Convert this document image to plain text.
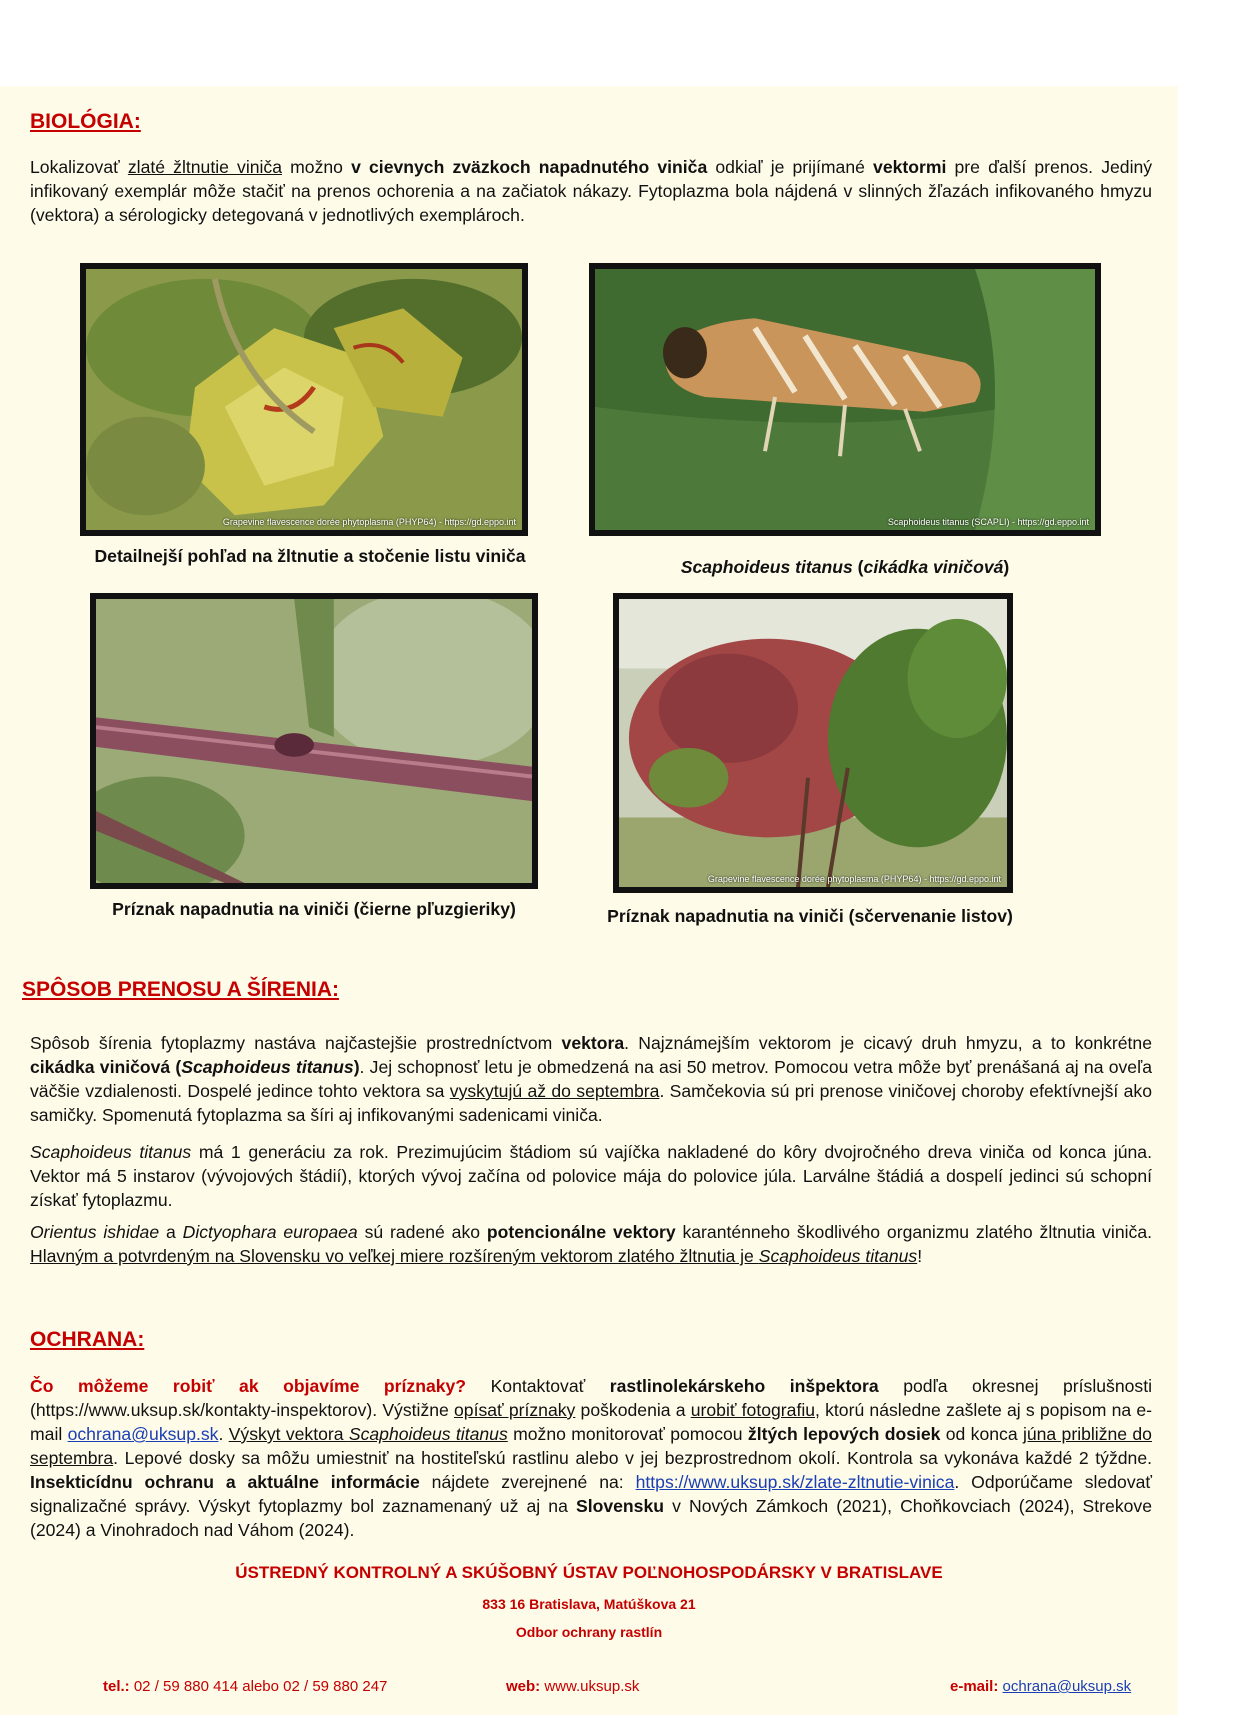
BIOLÓGIA:

Lokalizovať zlaté žltnutie viniča možno v cievnych zväzkoch napadnutého viniča odkiaľ je prijímané vektormi pre ďalší prenos. Jediný infikovaný exemplár môže stačiť na prenos ochorenia a na začiatok nákazy. Fytoplazma bola nájdená v slinných žľazách infikovaného hmyzu (vektora) a sérologicky detegovaná v jednotlivých exemplároch.

Grapevine flavescence dorée phytoplasma (PHYP64) - https://gd.eppo.int

Detailnejší pohľad na žltnutie a stočenie listu viniča

Scaphoideus titanus (SCAPLI) - https://gd.eppo.int

Scaphoideus titanus (cikádka viničová)

Príznak napadnutia na viniči (čierne pľuzgieriky)

Grapevine flavescence dorée phytoplasma (PHYP64) - https://gd.eppo.int

Príznak napadnutia na viniči (sčervenanie listov)

SPÔSOB PRENOSU A ŠÍRENIA:

Spôsob šírenia fytoplazmy nastáva najčastejšie prostredníctvom vektora. Najznámejším vektorom je cicavý druh hmyzu, a to konkrétne cikádka viničová (Scaphoideus titanus). Jej schopnosť letu je obmedzená na asi 50 metrov. Pomocou vetra môže byť prenášaná aj na oveľa väčšie vzdialenosti. Dospelé jedince tohto vektora sa vyskytujú až do septembra. Samčekovia sú pri prenose viničovej choroby efektívnejší ako samičky. Spomenutá fytoplazma sa šíri aj infikovanými sadenicami viniča.

Scaphoideus titanus má 1 generáciu za rok. Prezimujúcim štádiom sú vajíčka nakladené do kôry dvojročného dreva viniča od konca júna. Vektor má 5 instarov (vývojových štádií), ktorých vývoj začína od polovice mája do polovice júla. Larválne štádiá a dospelí jedinci sú schopní získať fytoplazmu.

Orientus ishidae a Dictyophara europaea sú radené ako potencionálne vektory karanténneho škodlivého organizmu zlatého žltnutia viniča. Hlavným a potvrdeným na Slovensku vo veľkej miere rozšíreným vektorom zlatého žltnutia je Scaphoideus titanus!

OCHRANA:

Čo môžeme robiť ak objavíme príznaky? Kontaktovať rastlinolekárskeho inšpektora podľa okresnej príslušnosti (https://www.uksup.sk/kontakty-inspektorov). Výstižne opísať príznaky poškodenia a urobiť fotografiu, ktorú následne zašlete aj s popisom na e-mail ochrana@uksup.sk. Výskyt vektora Scaphoideus titanus možno monitorovať pomocou žltých lepových dosiek od konca júna približne do septembra. Lepové dosky sa môžu umiestniť na hostiteľskú rastlinu alebo v jej bezprostrednom okolí. Kontrola sa vykonáva každé 2 týždne. Insekticídnu ochranu a aktuálne informácie nájdete zverejnené na: https://www.uksup.sk/zlate-zltnutie-vinica. Odporúčame sledovať signalizačné správy. Výskyt fytoplazmy bol zaznamenaný už aj na Slovensku v Nových Zámkoch (2021), Choňkovciach (2024), Strekove (2024) a Vinohradoch nad Váhom (2024).

ÚSTREDNÝ KONTROLNÝ A SKÚŠOBNÝ ÚSTAV POĽNOHOSPODÁRSKY V BRATISLAVE

833 16 Bratislava, Matúškova 21

Odbor ochrany rastlín

tel.: 02 / 59 880 414 alebo 02 / 59 880 247	web: www.uksup.sk	e-mail: ochrana@uksup.sk
